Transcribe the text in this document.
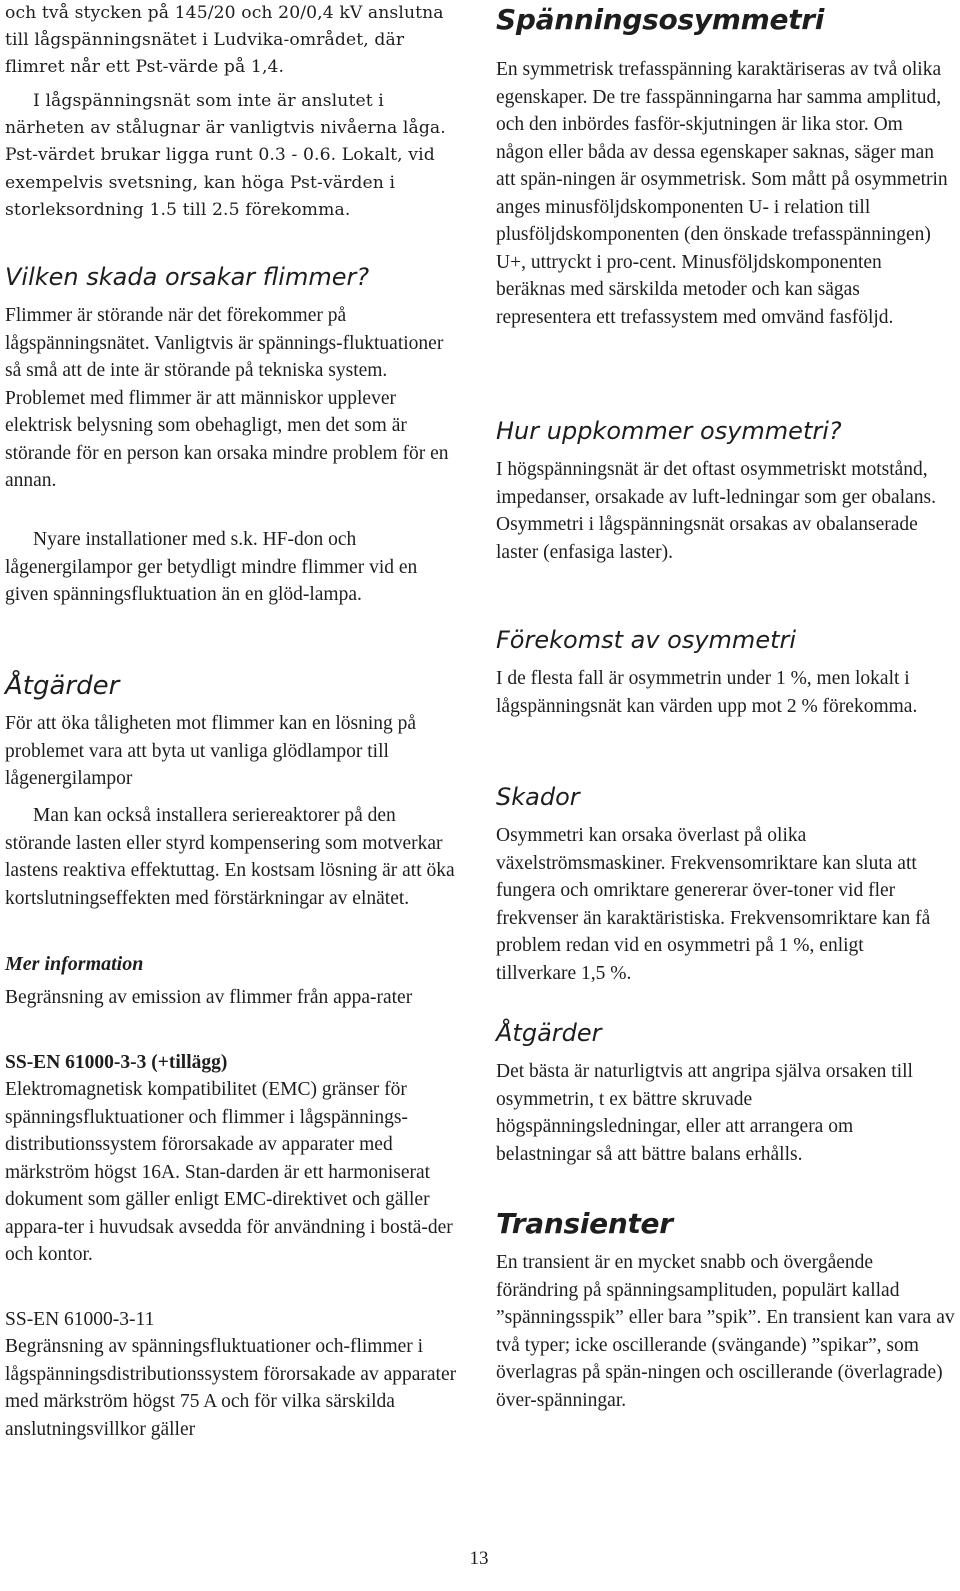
och två stycken på 145/20 och 20/0,4 kV anslutna till lågspänningsnätet i Ludvika-området, där flimret når ett Pst-värde på 1,4.

I lågspänningsnät som inte är anslutet i närheten av stålugnar är vanligtvis nivåerna låga. Pst-värdet brukar ligga runt 0.3 - 0.6. Lokalt, vid exempelvis svetsning, kan höga Pst-värden i storleksordning 1.5 till 2.5 förekomma.

Vilken skada orsakar flimmer?

Flimmer är störande när det förekommer på lågspänningsnätet. Vanligtvis är spännings-fluktuationer så små att de inte är störande på tekniska system. Problemet med flimmer är att människor upplever elektrisk belysning som obehagligt, men det som är störande för en person kan orsaka mindre problem för en annan.

Nyare installationer med s.k. HF-don och lågenergilampor ger betydligt mindre flimmer vid en given spänningsfluktuation än en glöd-lampa.

Åtgärder

För att öka tåligheten mot flimmer kan en lösning på problemet vara att byta ut vanliga glödlampor till lågenergilampor

Man kan också installera seriereaktorer på den störande lasten eller styrd kompensering som motverkar lastens reaktiva effektuttag. En kostsam lösning är att öka kortslutningseffekten med förstärkningar av elnätet.

Mer information

Begränsning av emission av flimmer från appa-rater

SS-EN 61000-3-3 (+tillägg)

Elektromagnetisk kompatibilitet (EMC) gränser för spänningsfluktuationer och flimmer i lågspännings- distributionssystem förorsakade av apparater med märkström högst 16A. Stan-darden är ett harmoniserat dokument som gäller enligt EMC-direktivet och gäller appara-ter i huvudsak avsedda för användning i bostä-der och kontor.

SS-EN 61000-3-11

Begränsning av spänningsfluktuationer och-flimmer i lågspänningsdistributionssystem förorsakade av apparater med märkström högst 75 A och för vilka särskilda anslutningsvillkor gäller

Spänningsosymmetri

En symmetrisk trefasspänning karaktäriseras av två olika egenskaper. De tre fasspänningarna har samma amplitud, och den inbördes fasför-skjutningen är lika stor. Om någon eller båda av dessa egenskaper saknas, säger man att spän-ningen är osymmetrisk. Som mått på osymmetrin anges minusföljdskomponenten U- i relation till plusföljdskomponenten (den önskade trefasspänningen) U+, uttryckt i pro-cent. Minusföljdskomponenten beräknas med särskilda metoder och kan sägas representera ett trefassystem med omvänd fasföljd.

Hur uppkommer osymmetri?

I högspänningsnät är det oftast osymmetriskt motstånd, impedanser, orsakade av luft-ledningar som ger obalans. Osymmetri i lågspänningsnät orsakas av obalanserade laster (enfasiga laster).

Förekomst av osymmetri

I de flesta fall är osymmetrin under 1 %, men lokalt i lågspänningsnät kan värden upp mot 2 % förekomma.

Skador

Osymmetri kan orsaka överlast på olika växelströmsmaskiner. Frekvensomriktare kan sluta att fungera och omriktare genererar över-toner vid fler frekvenser än karaktäristiska. Frekvensomriktare kan få problem redan vid en osymmetri på 1 %, enligt tillverkare 1,5 %.

Åtgärder

Det bästa är naturligtvis att angripa själva orsaken till osymmetrin, t ex bättre skruvade högspänningsledningar, eller att arrangera om belastningar så att bättre balans erhålls.

Transienter

En transient är en mycket snabb och övergående förändring på spänningsamplituden, populärt kallad ”spänningsspik” eller bara ”spik”. En transient kan vara av två typer; icke oscillerande (svängande) ”spikar”, som överlagras på spän-ningen och oscillerande (överlagrade) över-spänningar.

13
